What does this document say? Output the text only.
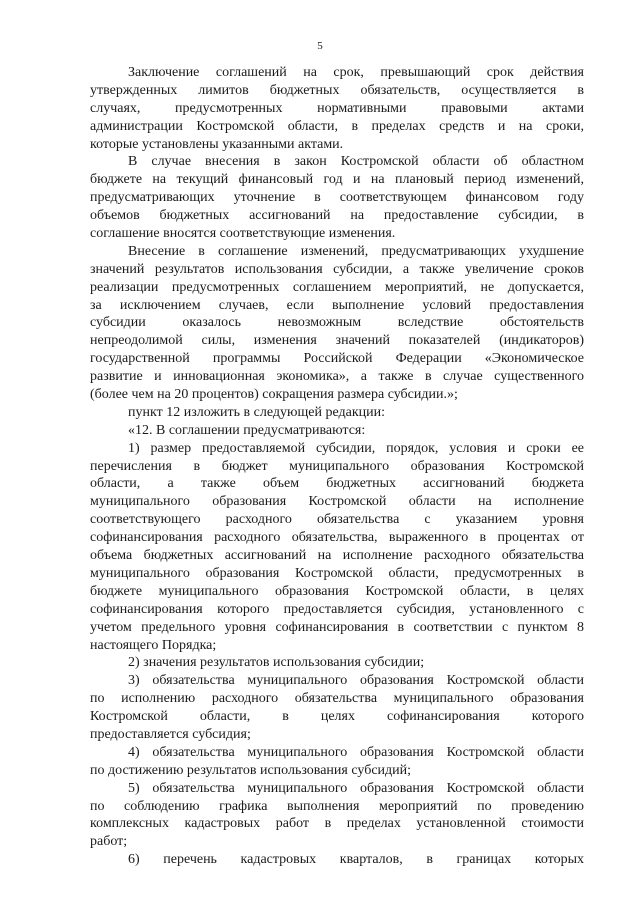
5
Заключение соглашений на срок, превышающий срок действия
утвержденных лимитов бюджетных обязательств, осуществляется в
случаях, предусмотренных нормативными правовыми актами
администрации Костромской области, в пределах средств и на сроки,
которые установлены указанными актами.
В случае внесения в закон Костромской области об областном
бюджете на текущий финансовый год и на плановый период изменений,
предусматривающих уточнение в соответствующем финансовом году
объемов бюджетных ассигнований на предоставление субсидии, в
соглашение вносятся соответствующие изменения.
Внесение в соглашение изменений, предусматривающих ухудшение
значений результатов использования субсидии, а также увеличение сроков
реализации предусмотренных соглашением мероприятий, не допускается,
за исключением случаев, если выполнение условий предоставления
субсидии оказалось невозможным вследствие обстоятельств
непреодолимой силы, изменения значений показателей (индикаторов)
государственной программы Российской Федерации «Экономическое
развитие и инновационная экономика», а также в случае существенного
(более чем на 20 процентов) сокращения размера субсидии.»;
пункт 12 изложить в следующей редакции:
«12. В соглашении предусматриваются:
1) размер предоставляемой субсидии, порядок, условия и сроки ее
перечисления в бюджет муниципального образования Костромской
области, а также объем бюджетных ассигнований бюджета
муниципального образования Костромской области на исполнение
соответствующего расходного обязательства с указанием уровня
софинансирования расходного обязательства, выраженного в процентах от
объема бюджетных ассигнований на исполнение расходного обязательства
муниципального образования Костромской области, предусмотренных в
бюджете муниципального образования Костромской области, в целях
софинансирования которого предоставляется субсидия, установленного с
учетом предельного уровня софинансирования в соответствии с пунктом 8
настоящего Порядка;
2) значения результатов использования субсидии;
3) обязательства муниципального образования Костромской области
по исполнению расходного обязательства муниципального образования
Костромской области, в целях софинансирования которого
предоставляется субсидия;
4) обязательства муниципального образования Костромской области
по достижению результатов использования субсидий;
5) обязательства муниципального образования Костромской области
по соблюдению графика выполнения мероприятий по проведению
комплексных кадастровых работ в пределах установленной стоимости
работ;
6) перечень кадастровых кварталов, в границах которых
